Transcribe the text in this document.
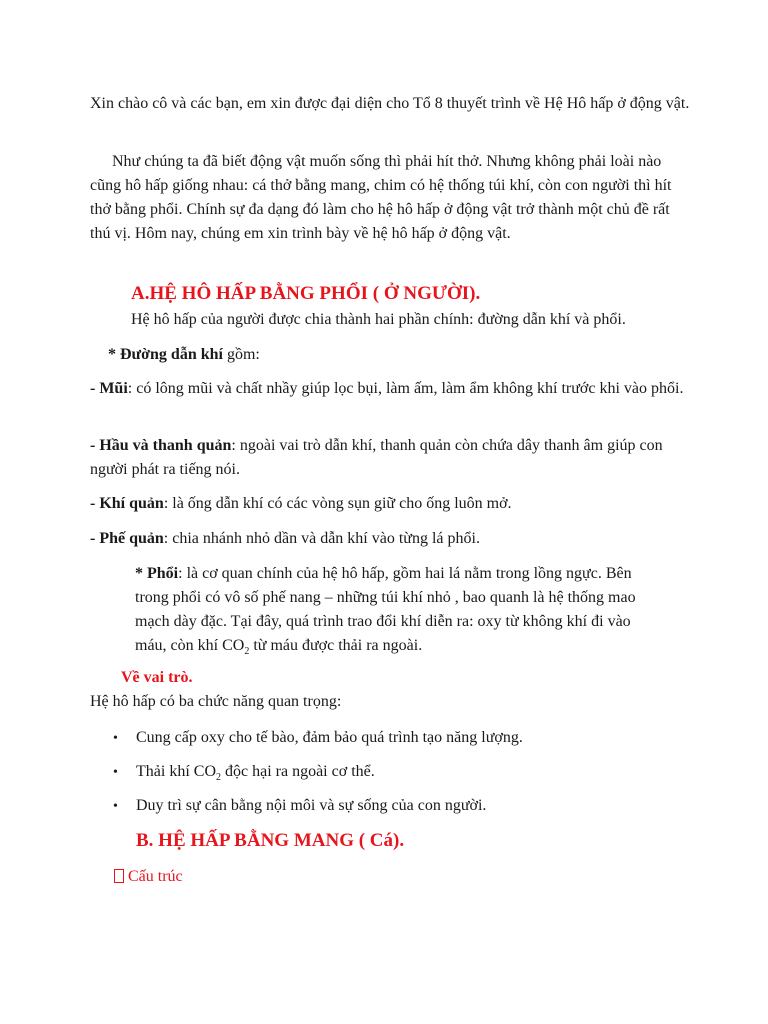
Xin chào cô và các bạn, em xin được đại diện cho Tổ 8 thuyết trình về Hệ Hô hấp ở động vật.

Như chúng ta đã biết động vật muốn sống thì phải hít thở. Nhưng không phải loài nào cũng hô hấp giống nhau: cá thở bằng mang, chim có hệ thống túi khí, còn con người thì hít thở bằng phổi. Chính sự đa dạng đó làm cho hệ hô hấp ở động vật trở thành một chủ đề rất thú vị. Hôm nay, chúng em xin trình bày về hệ hô hấp ở động vật.

A.HỆ HÔ HẤP BẰNG PHỔI ( Ở NGƯỜI).

Hệ hô hấp của người được chia thành hai phần chính: đường dẫn khí và phổi.

* Đường dẫn khí gồm:

- Mũi: có lông mũi và chất nhầy giúp lọc bụi, làm ấm, làm ẩm không khí trước khi vào phổi.

- Hầu và thanh quản: ngoài vai trò dẫn khí, thanh quản còn chứa dây thanh âm giúp con người phát ra tiếng nói.

- Khí quản: là ống dẫn khí có các vòng sụn giữ cho ống luôn mở.

- Phế quản: chia nhánh nhỏ dần và dẫn khí vào từng lá phổi.

* Phổi: là cơ quan chính của hệ hô hấp, gồm hai lá nằm trong lồng ngực. Bên trong phổi có vô số phế nang – những túi khí nhỏ , bao quanh là hệ thống mao mạch dày đặc. Tại đây, quá trình trao đổi khí diễn ra: oxy từ không khí đi vào máu, còn khí $CO_2$ từ máu được thải ra ngoài.

Về vai trò.

Hệ hô hấp có ba chức năng quan trọng:

• Cung cấp oxy cho tế bào, đảm bảo quá trình tạo năng lượng.

• Thải khí $CO_2$ độc hại ra ngoài cơ thể.

• Duy trì sự cân bằng nội môi và sự sống của con người.

B. HỆ HẤP BẰNG MANG ( Cá).

Cấu trúc
